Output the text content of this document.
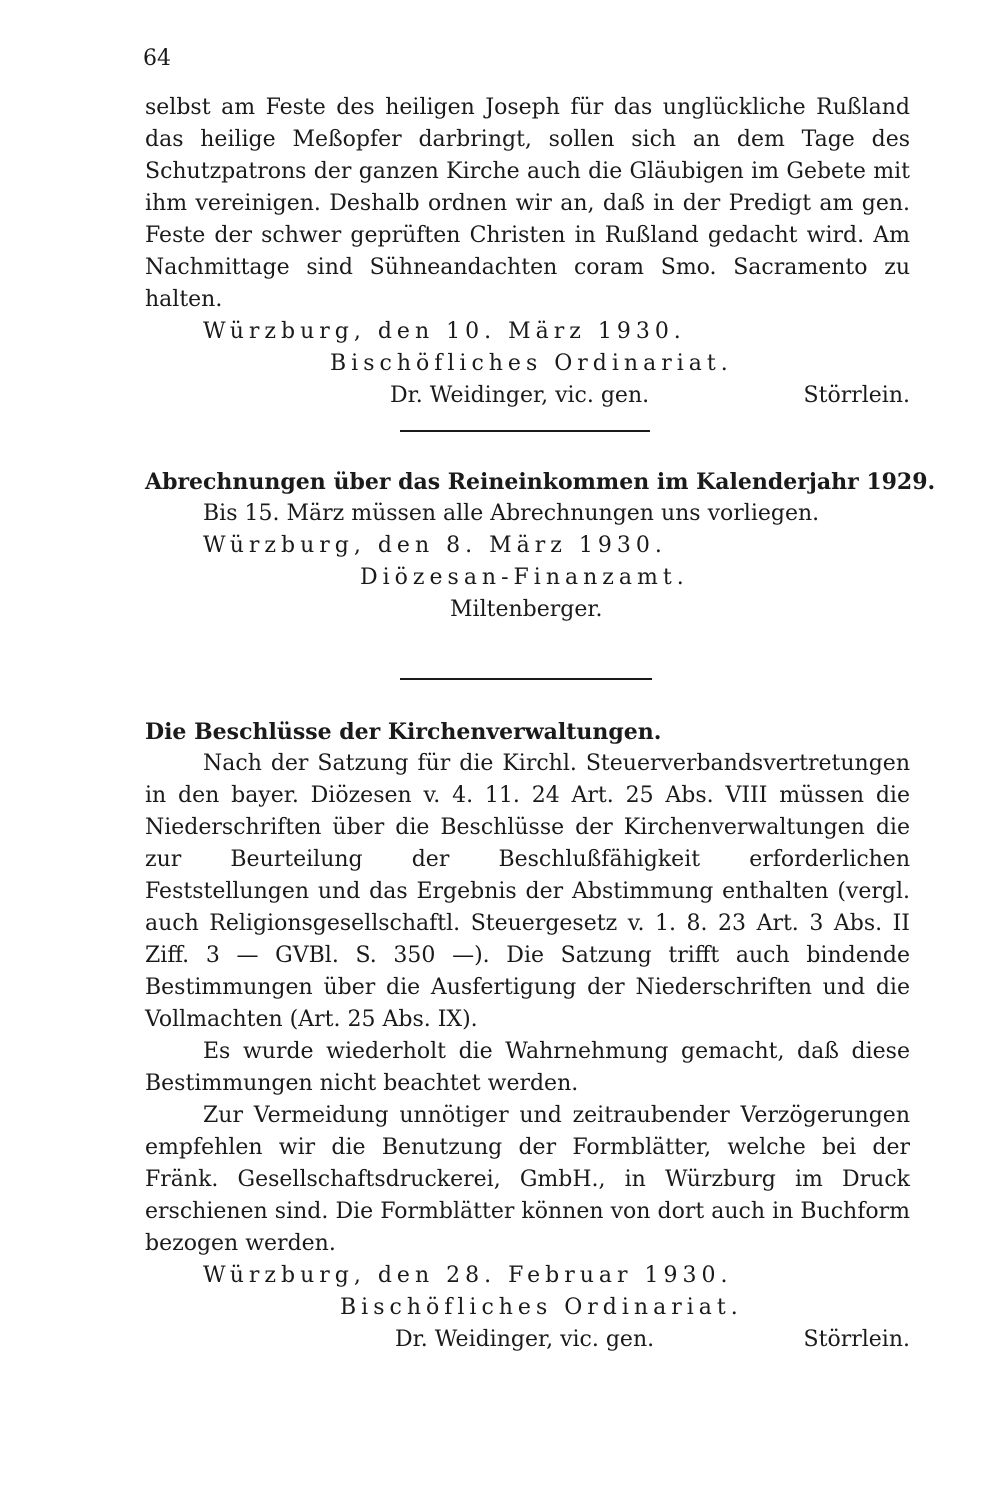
64

selbst am Feste des heiligen Joseph für das unglückliche Rußland das heilige Meßopfer darbringt, sollen sich an dem Tage des Schutzpatrons der ganzen Kirche auch die Gläubigen im Gebete mit ihm vereinigen. Deshalb ordnen wir an, daß in der Predigt am gen. Feste der schwer geprüften Christen in Rußland gedacht wird. Am Nachmittage sind Sühneandachten coram Smo. Sacramento zu halten.

Würzburg, den 10. März 1930.

Bischöfliches Ordinariat.

Dr. Weidinger, vic. gen.	Störrlein.

Abrechnungen über das Reineinkommen im Kalenderjahr 1929.

Bis 15. März müssen alle Abrechnungen uns vorliegen.

Würzburg, den 8. März 1930.

Diözesan-Finanzamt.

Miltenberger.

Die Beschlüsse der Kirchenverwaltungen.

Nach der Satzung für die Kirchl. Steuerverbandsvertretungen in den bayer. Diözesen v. 4. 11. 24 Art. 25 Abs. VIII müssen die Niederschriften über die Beschlüsse der Kirchenverwaltungen die zur Beurteilung der Beschlußfähigkeit erforderlichen Feststellungen und das Ergebnis der Abstimmung enthalten (vergl. auch Religionsgesellschaftl. Steuergesetz v. 1. 8. 23 Art. 3 Abs. II Ziff. 3 — GVBl. S. 350 —). Die Satzung trifft auch bindende Bestimmungen über die Ausfertigung der Niederschriften und die Vollmachten (Art. 25 Abs. IX).

Es wurde wiederholt die Wahrnehmung gemacht, daß diese Bestimmungen nicht beachtet werden.

Zur Vermeidung unnötiger und zeitraubender Verzögerungen empfehlen wir die Benutzung der Formblätter, welche bei der Fränk. Gesellschaftsdruckerei, GmbH., in Würzburg im Druck erschienen sind. Die Formblätter können von dort auch in Buchform bezogen werden.

Würzburg, den 28. Februar 1930.

Bischöfliches Ordinariat.

Dr. Weidinger, vic. gen.	Störrlein.
